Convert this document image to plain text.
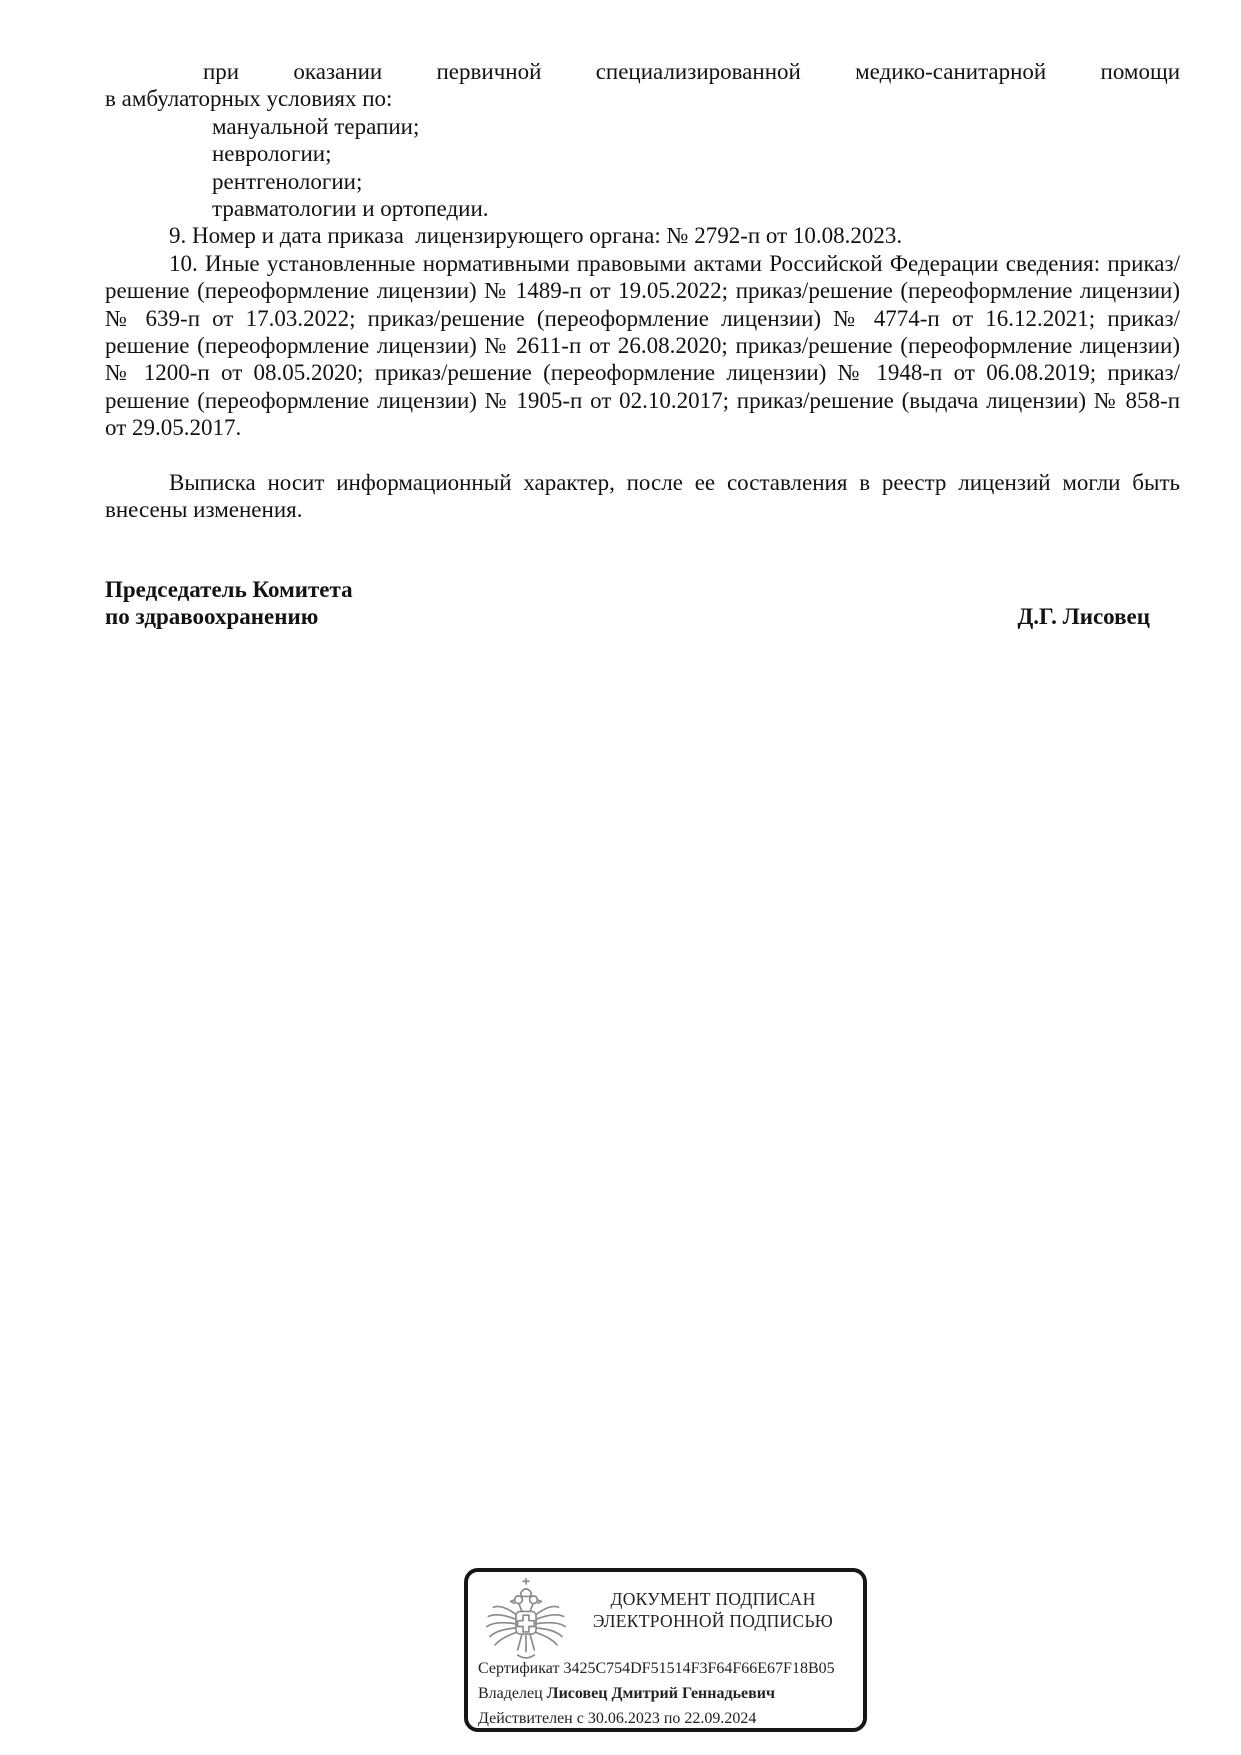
при оказании первичной специализированной медико-санитарной помощи
в амбулаторных условиях по:
мануальной терапии;
неврологии;
рентгенологии;
травматологии и ортопедии.
9. Номер и дата приказа  лицензирующего органа: № 2792-п от 10.08.2023.
10. Иные установленные нормативными правовыми актами Российской Федерации сведения: приказ/решение (переоформление лицензии) № 1489-п от 19.05.2022; приказ/решение (переоформление лицензии) № 639-п от 17.03.2022; приказ/решение (переоформление лицензии) № 4774-п от 16.12.2021; приказ/решение (переоформление лицензии) № 2611-п от 26.08.2020; приказ/решение (переоформление лицензии) № 1200-п от 08.05.2020; приказ/решение (переоформление лицензии) № 1948-п от 06.08.2019; приказ/решение (переоформление лицензии) № 1905-п от 02.10.2017; приказ/решение (выдача лицензии) № 858-п от 29.05.2017.
Выписка носит информационный характер, после ее составления в реестр лицензий могли быть внесены изменения.
Председатель Комитета
по здравоохранению	Д.Г. Лисовец
ДОКУМЕНТ ПОДПИСАН
ЭЛЕКТРОННОЙ ПОДПИСЬЮ
Сертификат 3425C754DF51514F3F64F66E67F18B05
Владелец Лисовец Дмитрий Геннадьевич
Действителен с 30.06.2023 по 22.09.2024
